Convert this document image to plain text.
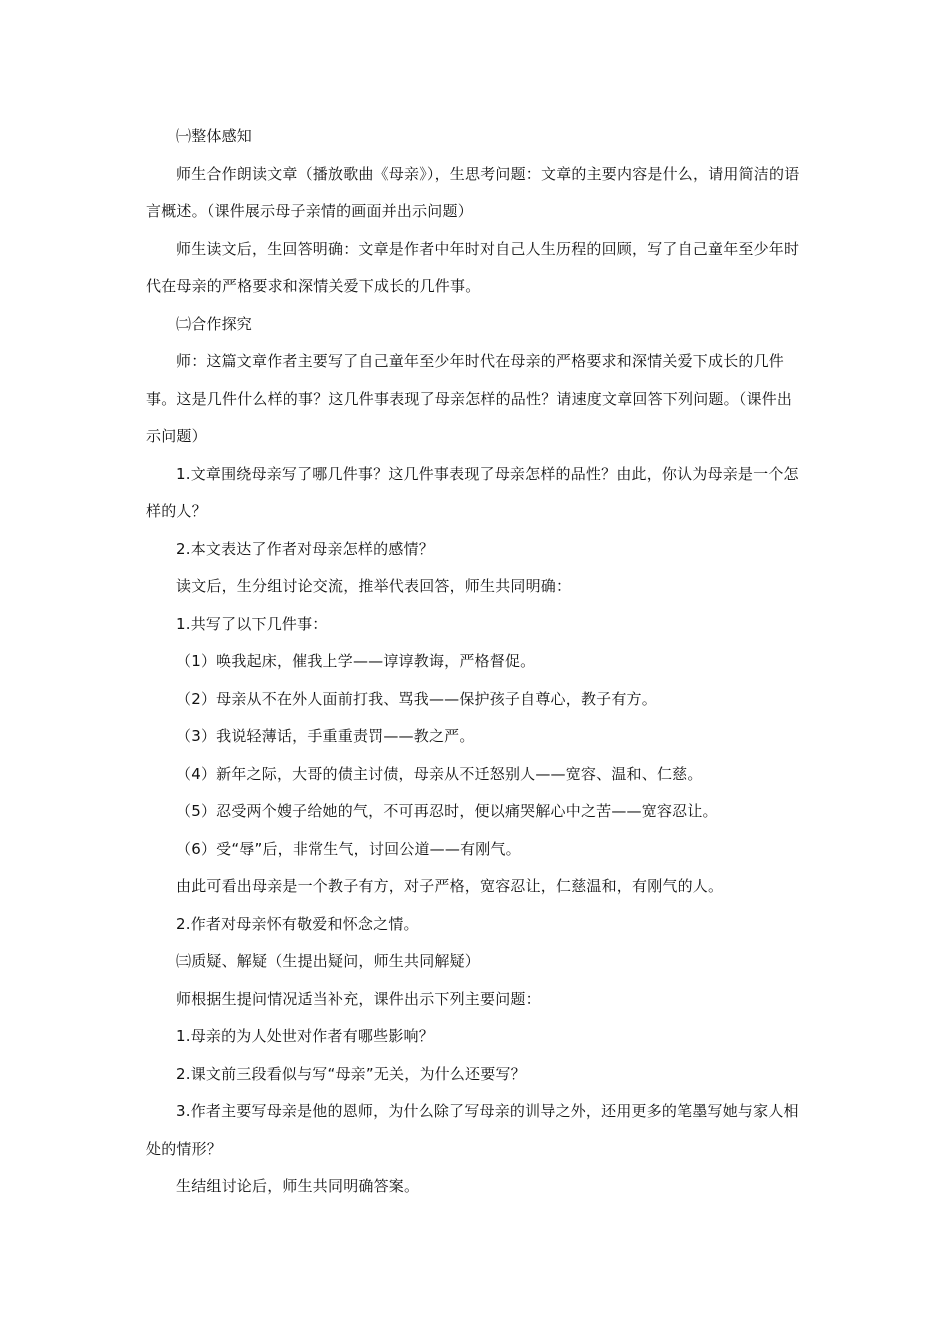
㈠整体感知

师生合作朗读文章（播放歌曲《母亲》），生思考问题：文章的主要内容是什么，请用简洁的语言概述。（课件展示母子亲情的画面并出示问题）

师生读文后，生回答明确：文章是作者中年时对自己人生历程的回顾，写了自己童年至少年时代在母亲的严格要求和深情关爱下成长的几件事。

㈡合作探究

师：这篇文章作者主要写了自己童年至少年时代在母亲的严格要求和深情关爱下成长的几件事。这是几件什么样的事？这几件事表现了母亲怎样的品性？请速度文章回答下列问题。（课件出示问题）

1.文章围绕母亲写了哪几件事？这几件事表现了母亲怎样的品性？由此，你认为母亲是一个怎样的人？

2.本文表达了作者对母亲怎样的感情？

读文后，生分组讨论交流，推举代表回答，师生共同明确：

1.共写了以下几件事：

（1）唤我起床，催我上学——谆谆教诲，严格督促。

（2）母亲从不在外人面前打我、骂我——保护孩子自尊心，教子有方。

（3）我说轻薄话，手重重责罚——教之严。

（4）新年之际，大哥的债主讨债，母亲从不迁怒别人——宽容、温和、仁慈。

（5）忍受两个嫂子给她的气，不可再忍时，便以痛哭解心中之苦——宽容忍让。

（6）受“辱”后，非常生气，讨回公道——有刚气。

由此可看出母亲是一个教子有方，对子严格，宽容忍让，仁慈温和，有刚气的人。

2.作者对母亲怀有敬爱和怀念之情。

㈢质疑、解疑（生提出疑问，师生共同解疑）

师根据生提问情况适当补充，课件出示下列主要问题：

1.母亲的为人处世对作者有哪些影响？

2.课文前三段看似与写“母亲”无关，为什么还要写？

3.作者主要写母亲是他的恩师，为什么除了写母亲的训导之外，还用更多的笔墨写她与家人相处的情形？

生结组讨论后，师生共同明确答案。
